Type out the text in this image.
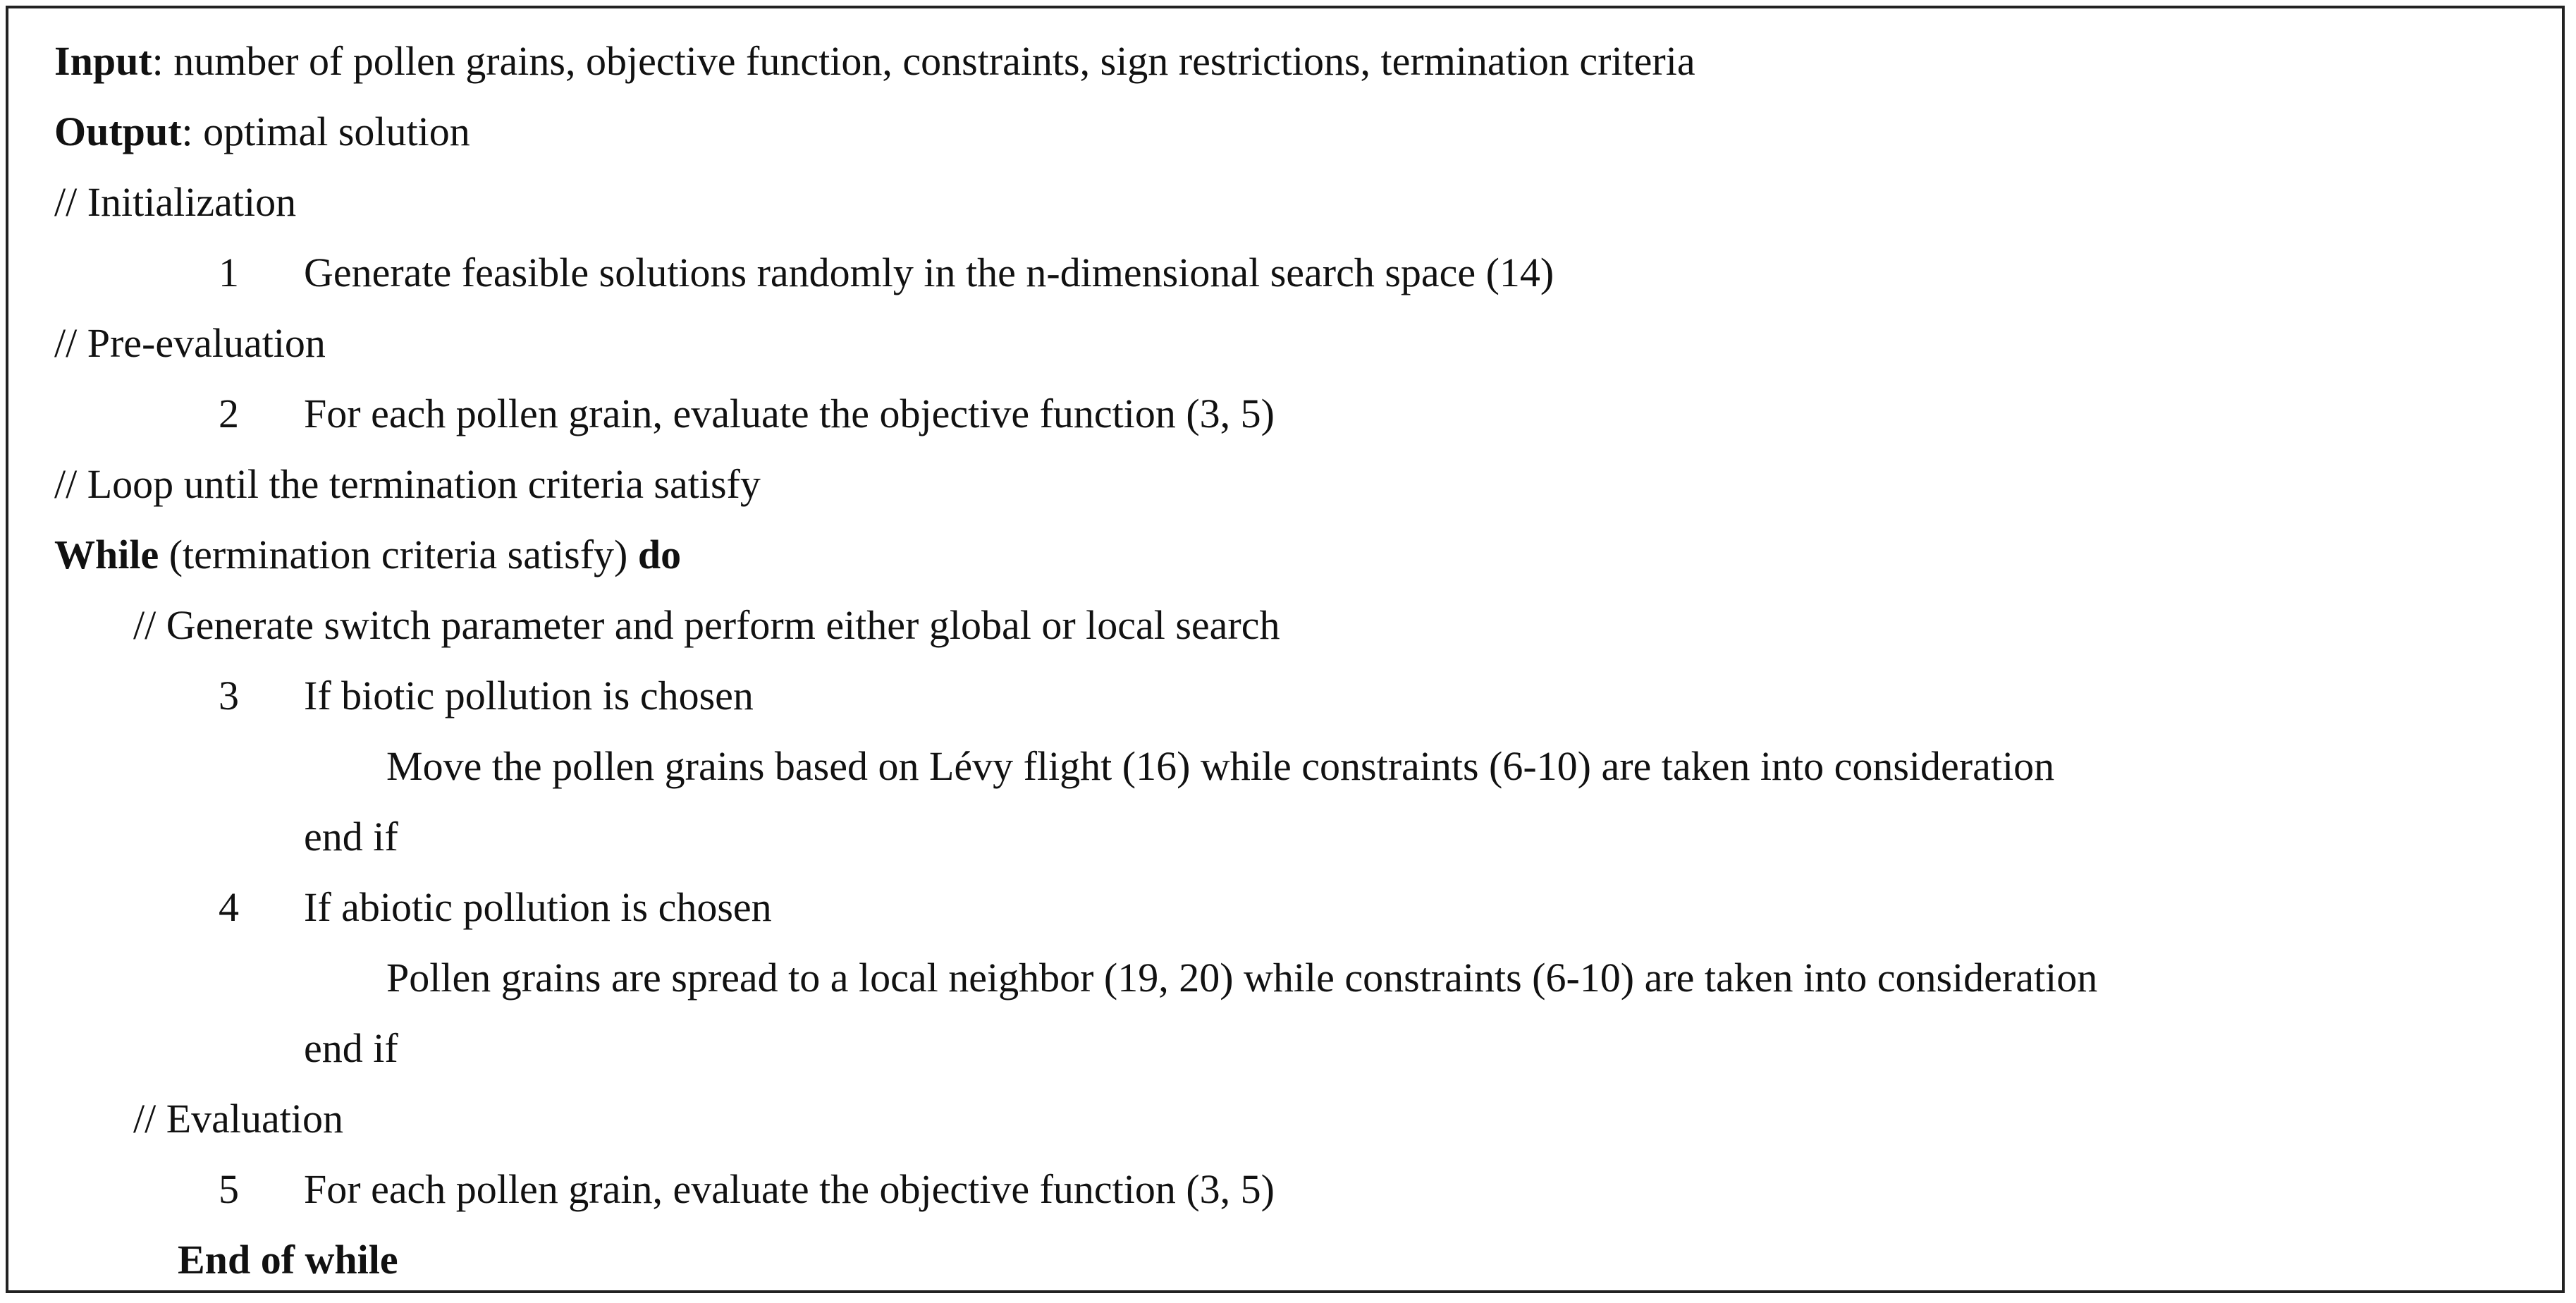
Input: number of pollen grains, objective function, constraints, sign restrictions, termination criteria
Output: optimal solution
// Initialization
1 Generate feasible solutions randomly in the n-dimensional search space (14)
// Pre-evaluation
2 For each pollen grain, evaluate the objective function (3, 5)
// Loop until the termination criteria satisfy
While (termination criteria satisfy) do
// Generate switch parameter and perform either global or local search
3 If biotic pollution is chosen
Move the pollen grains based on Lévy flight (16) while constraints (6-10) are taken into consideration
end if
4 If abiotic pollution is chosen
Pollen grains are spread to a local neighbor (19, 20) while constraints (6-10) are taken into consideration
end if
// Evaluation
5 For each pollen grain, evaluate the objective function (3, 5)
End of while
